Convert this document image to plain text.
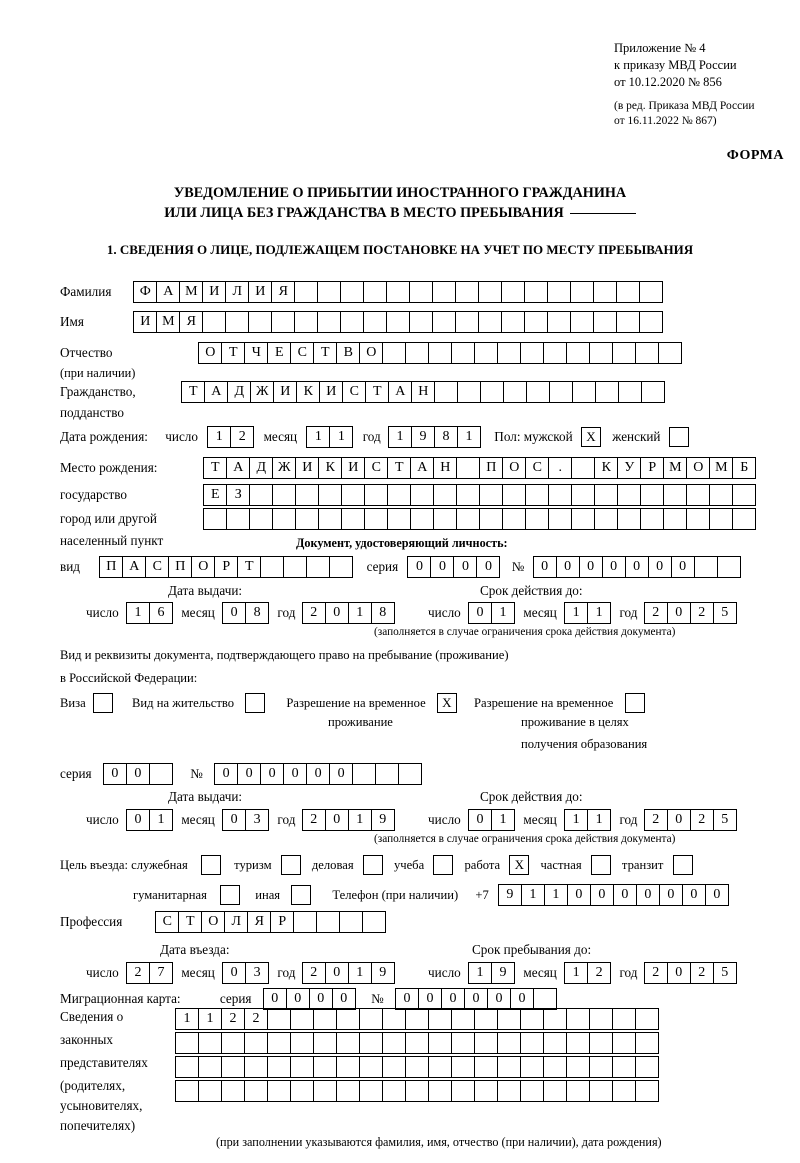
Приложение № 4
к приказу МВД России
от 10.12.2020 № 856
(в ред. Приказа МВД России
от 16.11.2022 № 867)
ФОРМА
УВЕДОМЛЕНИЕ О ПРИБЫТИИ ИНОСТРАННОГО ГРАЖДАНИНА
ИЛИ ЛИЦА БЕЗ ГРАЖДАНСТВА В МЕСТО ПРЕБЫВАНИЯ
1. СВЕДЕНИЯ О ЛИЦЕ, ПОДЛЕЖАЩЕМ ПОСТАНОВКЕ НА УЧЕТ ПО МЕСТУ ПРЕБЫВАНИЯ
Фамилия Ф А М И Л И Я
Имя	И М Я
Отчество	О Т Ч Е С Т В О
(при наличии)
Гражданство,	Т А Д Ж И К И С Т А Н
подданство
Дата рождения: число 1 2 месяц 1 1 год 1 9 8 1 Пол: мужской X женский
Место рождения:	Т А Д Ж И К И С Т А Н	П О С .	К У Р М О М Б
государство	Е З
город или другой
населенный пункт	Документ, удостоверяющий личность:
вид П А С П О Р Т	серия 0 0 0 0 № 0 0 0 0 0 0 0
Дата выдачи:	Срок действия до:
число 1 6 месяц 0 8 год 2 0 1 8	число 0 1 месяц 1 1 год 2 0 2 5
(заполняется в случае ограничения срока действия документа)
Вид и реквизиты документа, подтверждающего право на пребывание (проживание)
в Российской Федерации:
Виза	Вид на жительство	Разрешение на временное X Разрешение на временное
проживание	проживание в целях
получения образования
серия 0 0	№ 0 0 0 0 0 0
Дата выдачи:	Срок действия до:
число 0 1 месяц 0 3 год 2 0 1 9	число 0 1 месяц 1 1 год 2 0 2 5
(заполняется в случае ограничения срока действия документа)
Цель въезда: служебная	туризм	деловая	учеба	работа X частная	транзит
гуманитарная	иная	Телефон (при наличии) +7 9 1 1 0 0 0 0 0 0 0
Профессия	С Т О Л Я Р
Дата въезда:	Срок пребывания до:
число 2 7 месяц 0 3 год 2 0 1 9	число 1 9 месяц 1 2 год 2 0 2 5
Миграционная карта:	серия 0 0 0 0 № 0 0 0 0 0 0
Сведения о
законных
представителях
(родителях,
усыновителях,
попечителях)
1 1 2 2
(при заполнении указываются фамилия, имя, отчество (при наличии), дата рождения)
